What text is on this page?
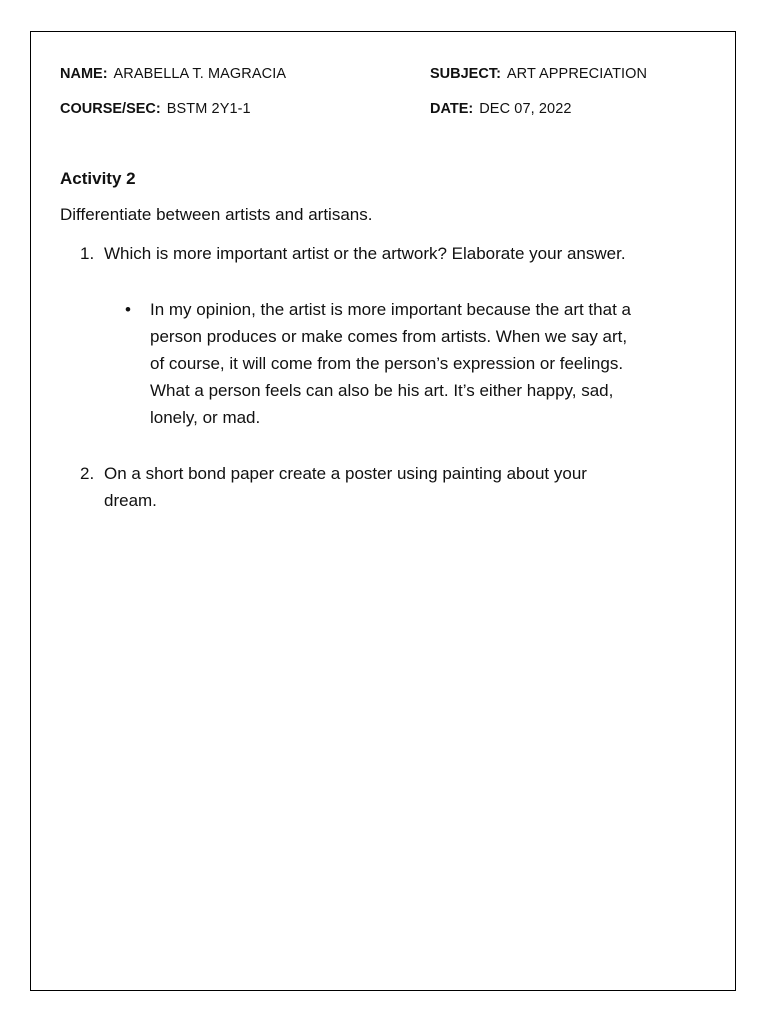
NAME: ARABELLA T. MAGRACIA	SUBJECT: ART APPRECIATION
COURSE/SEC: BSTM 2Y1-1	DATE: DEC 07, 2022
Activity 2
Differentiate between artists and artisans.
1. Which is more important artist or the artwork? Elaborate your answer.
•	In my opinion, the artist is more important because the art that a person produces or make comes from artists. When we say art, of course, it will come from the person’s expression or feelings. What a person feels can also be his art. It’s either happy, sad, lonely, or mad.
2. On a short bond paper create a poster using painting about your dream.
